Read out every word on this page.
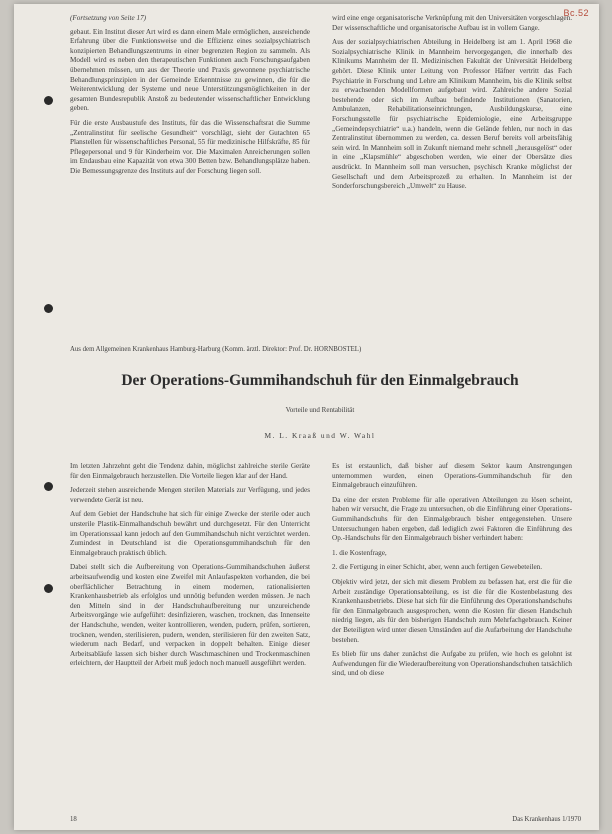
Bc.52

(Fortsetzung von Seite 17)

gebaut. Ein Institut dieser Art wird es dann einem Male ermöglichen, ausreichende Erfahrung über die Funktionsweise und die Effizienz eines sozialpsychiatrisch konzipierten Behandlungszentrums in einer begrenzten Region zu sammeln. Als Modell wird es neben den therapeutischen Funktionen auch Forschungsaufgaben übernehmen müssen, um aus der Theorie und Praxis gewonnene psychiatrische Behandlungsprinzipien in der Gemeinde Erkenntnisse zu gewinnen, die für die Weiterentwicklung der Systeme und neue Unterstützungsmöglichkeiten in der gesamten Bundesrepublik Anstoß zu bedeutender wissenschaftlicher Entwicklung geben.

Für die erste Ausbaustufe des Instituts, für das die Wissenschaftsrat die Summe „Zentralinstitut für seelische Gesundheit“ vorschlägt, sieht der Gutachten 65 Planstellen für wissenschaftliches Personal, 55 für medizinische Hilfskräfte, 85 für Pflegepersonal und 9 für Kinderheim vor. Die Maximalen Anreicherungen sollen im Endausbau eine Kapazität von etwa 300 Betten bzw. Behandlungsplätze haben. Die Bemessungsgrenze des Instituts auf der Forschung liegen soll.

wird eine enge organisatorische Verknüpfung mit den Universitäten vorgeschlagen. Der wissenschaftliche und organisatorische Aufbau ist in vollem Gange.

Aus der sozialpsychiatrischen Abteilung in Heidelberg ist am 1. April 1968 die Sozialpsychiatrische Klinik in Mannheim hervorgegangen, die innerhalb des Klinikums Mannheim der II. Medizinischen Fakultät der Universität Heidelberg gehört. Diese Klinik unter Leitung von Professor Häfner vertritt das Fach Psychiatrie in Forschung und Lehre am Klinikum Mannheim, bis die Klinik selbst zu erwachsenden Modellformen aufgebaut wird. Zahlreiche andere Sozial bestehende oder sich im Aufbau befindende Institutionen (Sanatorien, Ambulanzen, Rehabilitationseinrichtungen, Ausbildungskurse, eine Forschungsstelle für psychiatrische Epidemiologie, eine Arbeitsgruppe „Gemeindepsychiatrie“ u.a.) handeln, wenn die Gelände fehlen, nur noch in das Zentralinstitut übernommen zu werden, ca. dessen Beruf bereits voll arbeitsfähig sein wird. In Mannheim soll in Zukunft niemand mehr schnell „herausgelöst“ oder in eine „Klapsmühle“ abgeschoben werden, wie einer der Obersätze dies ausdrückt. In Mannheim soll man versuchen, psychisch Kranke möglichst der Gesellschaft und dem Arbeitsprozeß zu erhalten. In Mannheim ist der Sonderforschungsbereich „Umwelt“ zu Hause.

Aus dem Allgemeinen Krankenhaus Hamburg-Harburg (Komm. ärztl. Direktor: Prof. Dr. HORNBOSTEL)
Der Operations-Gummihandschuh für den Einmalgebrauch
Vorteile und Rentabilität
M. L. Kraaß und W. Wahl

Im letzten Jahrzehnt geht die Tendenz dahin, möglichst zahlreiche sterile Geräte für den Einmalgebrauch herzustellen. Die Vorteile liegen klar auf der Hand.

Jederzeit stehen ausreichende Mengen sterilen Materials zur Verfügung, und jedes verwendete Gerät ist neu.

Auf dem Gebiet der Handschuhe hat sich für einige Zwecke der sterile oder auch unsterile Plastik-Einmalhandschuh bewährt und durchgesetzt. Für den Unterricht im Operationssaal kann jedoch auf den Gummihandschuh nicht verzichtet werden. Zumindest in Deutschland ist die Operationsgummihandschuh für den Einmalgebrauch praktisch üblich.

Dabei stellt sich die Aufbereitung von Operations-Gummihandschuhen äußerst arbeitsaufwendig und kosten eine Zweifel mit Anlaufaspekten vorhanden, die bei oberflächlicher Betrachtung in einem modernen, rationalisierten Krankenhausbetrieb als erfolglos und unnötig befunden werden müssen. Je nach den Mitteln sind in der Handschuhaufbereitung nur unzureichende Arbeitsvorgänge wie aufgeführt: desinfizieren, waschen, trocknen, das Innenseite der Handschuhe, wenden, weiter kontrollieren, wenden, pudern, prüfen, sortieren, trocknen, wenden, sterilisieren, pudern, wenden, sterilisieren für den zweiten Satz, wiederum nach Bedarf, und verpacken in doppelt behalten. Einige dieser Arbeitsabläufe lassen sich bisher durch Waschmaschinen und Trockenmaschinen erleichtern, der Hauptteil der Arbeit muß jedoch noch manuell ausgeführt werden.

Es ist erstaunlich, daß bisher auf diesem Sektor kaum Anstrengungen unternommen wurden, einen Operations-Gummihandschuh für den Einmalgebrauch einzuführen.

Da eine der ersten Probleme für alle operativen Abteilungen zu lösen scheint, haben wir versucht, die Frage zu untersuchen, ob die Einführung einer Operations-Gummihandschuhs für den Einmalgebrauch bisher entgegenstehen. Unsere Untersuchungen haben ergeben, daß lediglich zwei Faktoren die Einführung des Op.-Handschuhs für den Einmalgebrauch bisher verhindert haben:

1. die Kostenfrage,

2. die Fertigung in einer Schicht, aber, wenn auch fertigen Gewebeteilen.

Objektiv wird jetzt, der sich mit diesem Problem zu befassen hat, erst die für die Arbeit zuständige Operationsabteilung, es ist die für die Kostenbelastung des Krankenhausbetriebs. Diese hat sich für die Einführung des Operationshandschuhs für den Einmalgebrauch ausgesprochen, wenn die Kosten für diesen Handschuh niedrig liegen, als für den bisherigen Handschuh zum Mehrfachgebrauch. Keiner der Beteiligten wird unter diesen Umständen auf die Aufarbeitung der Handschuhe bestehen.

Es blieb für uns daher zunächst die Aufgabe zu prüfen, wie hoch es gelohnt ist Aufwendungen für die Wiederaufbereitung von Operationshandschuhen tatsächlich sind, und ob diese

18	Das Krankenhaus 1/1970
